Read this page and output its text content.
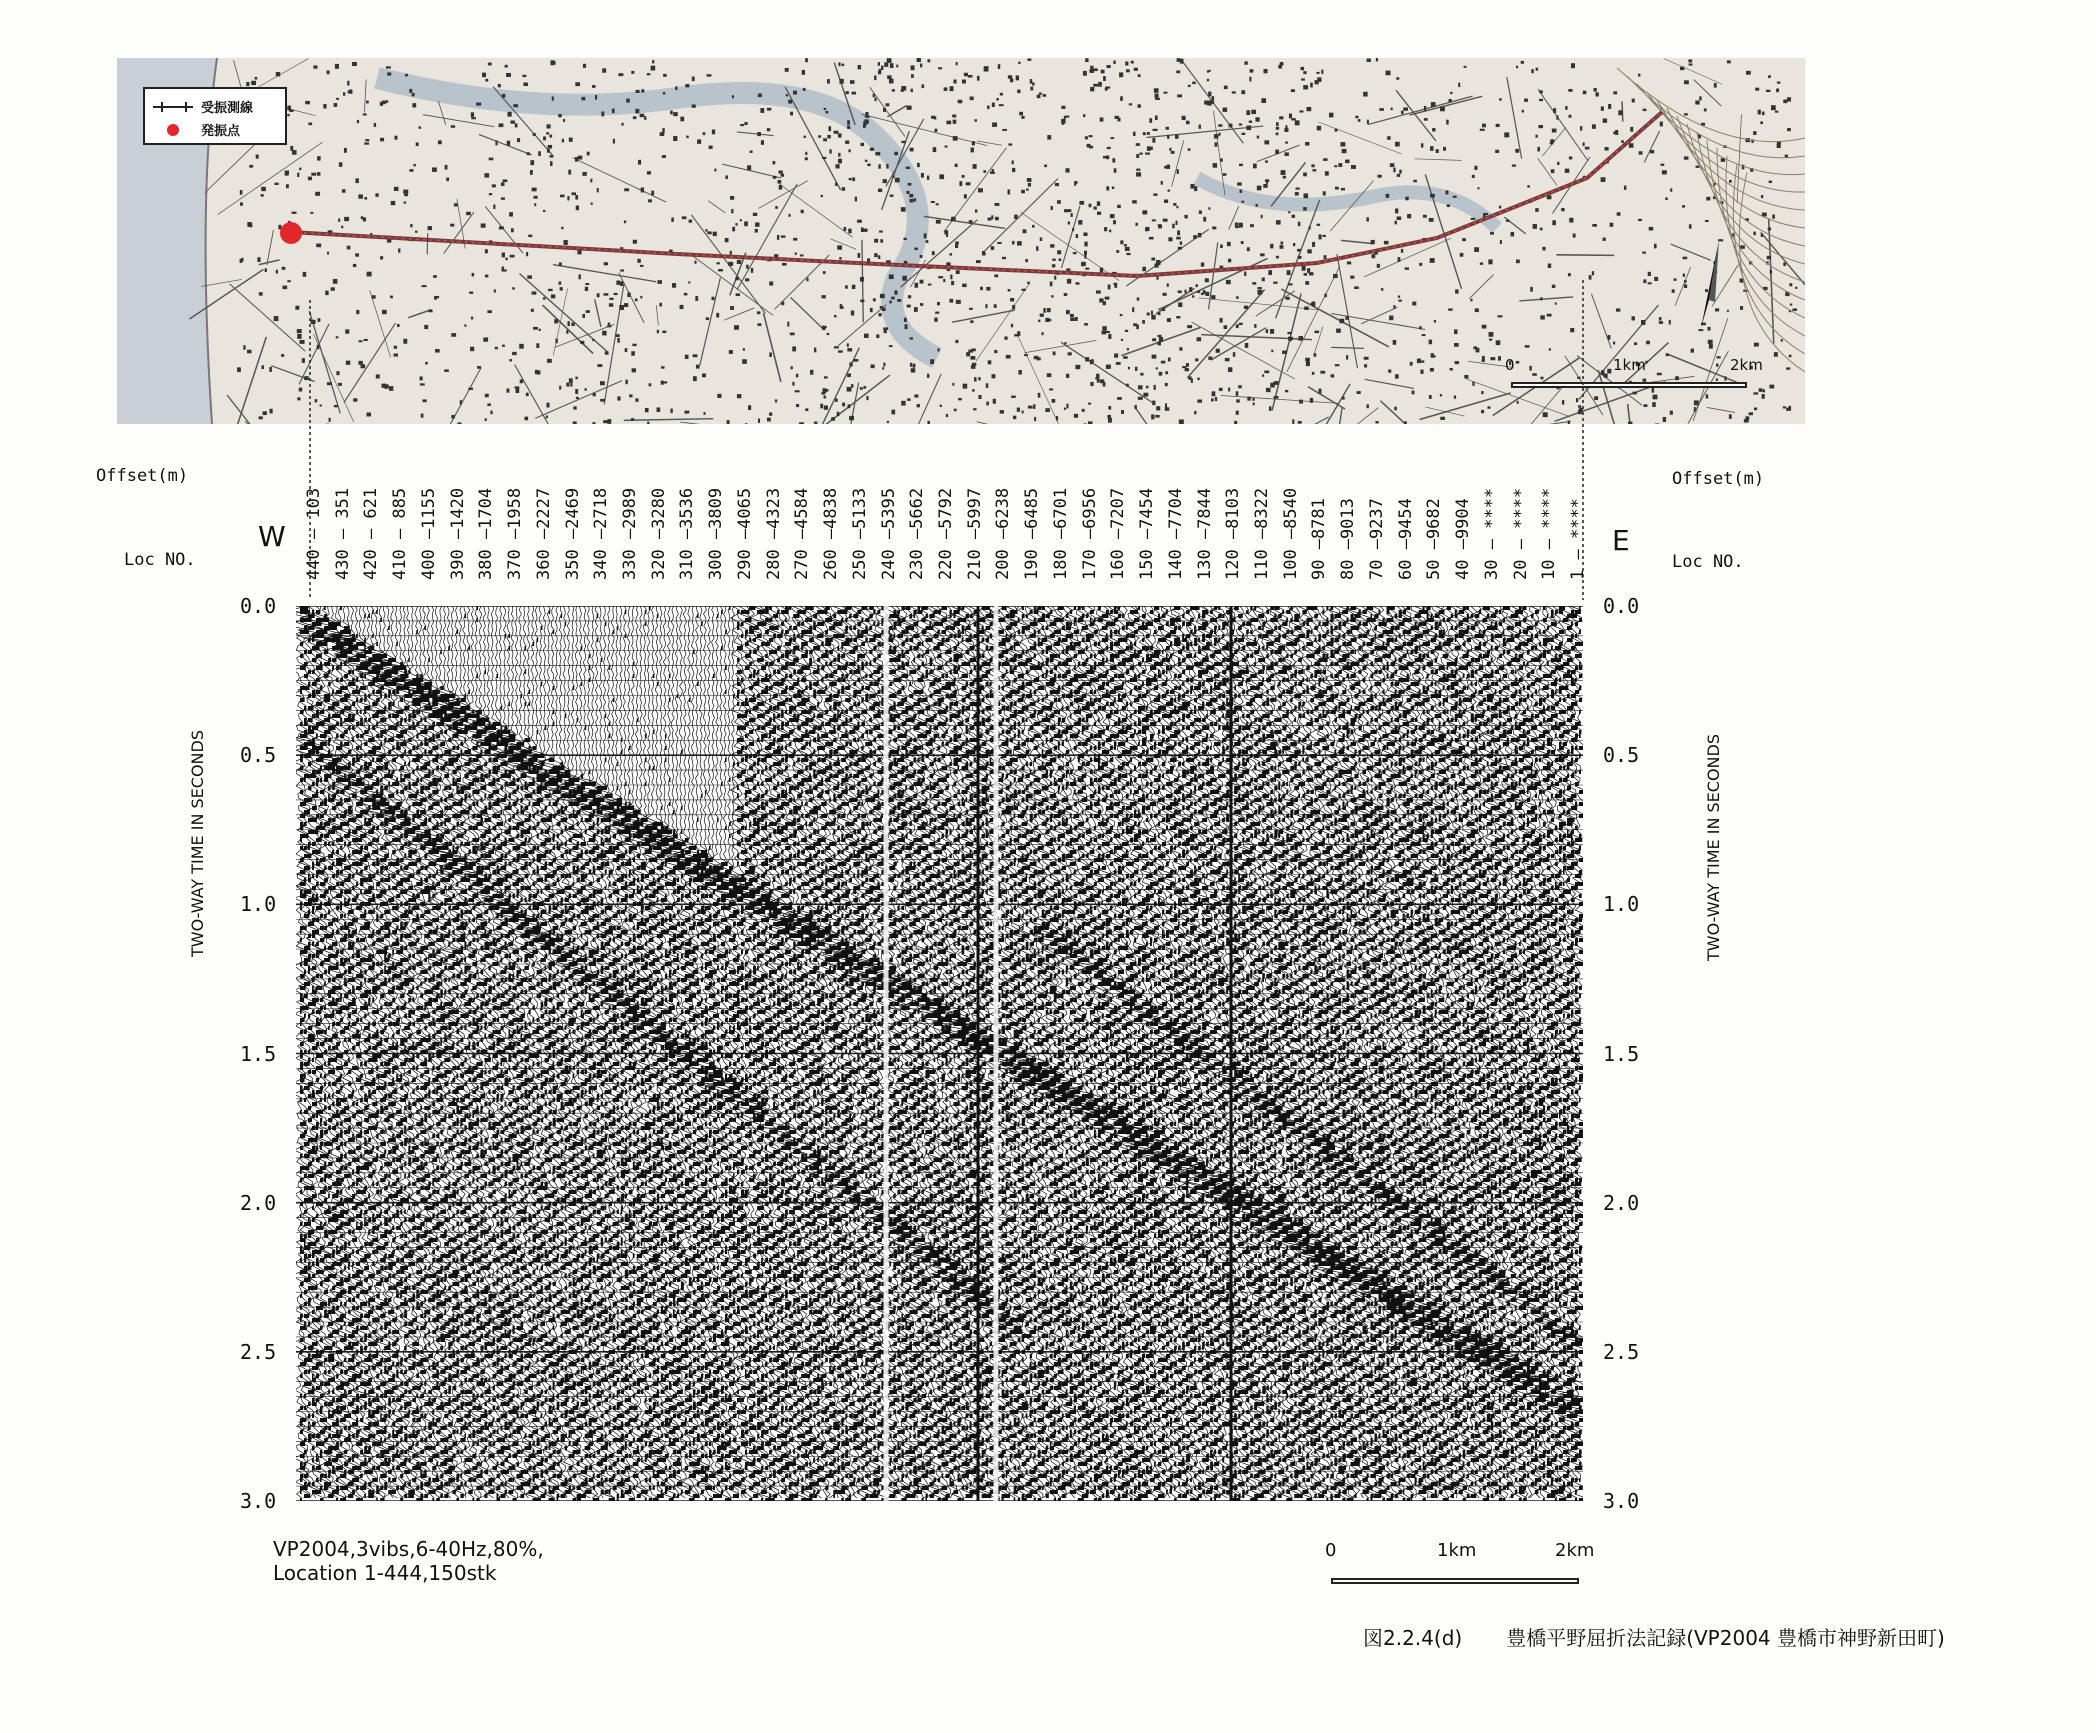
受振測線
発振点
0	1km	2km
Offset(m)
Loc NO.
Offset(m)
Loc NO.
W	E
440 — 103 430 — 351 420 — 621 410 — 885 400 —1155 390 —1420 380 —1704 370 —1958 360 —2227 350 —2469 340 —2718 330 —2989 320 —3280 310 —3536 300 —3809 290 —4065 280 —4323 270 —4584 260 —4838 250 —5133 240 —5395 230 —5662 220 —5792 210 —5997 200 —6238 190 —6485 180 —6701 170 —6956 160 —7207 150 —7454 140 —7704 130 —7844 120 —8103 110 —8322 100 —8540 90 —8781 80 —9013 70 —9237 60 —9454 50 —9682 40 —9904 30 — **** 20 — **** 10 — **** 1 — ****
TWO-WAY TIME IN SECONDS	TWO-WAY TIME IN SECONDS
0.0
0.5
1.0
1.5
2.0
2.5
3.0
0.0
0.5
1.0
1.5
2.0
2.5
3.0
VP2004,3vibs,6-40Hz,80%,
Location 1-444,150stk
0	1km	2km
図2.2.4(d) 豊橋平野屈折法記録(VP2004 豊橋市神野新田町)
